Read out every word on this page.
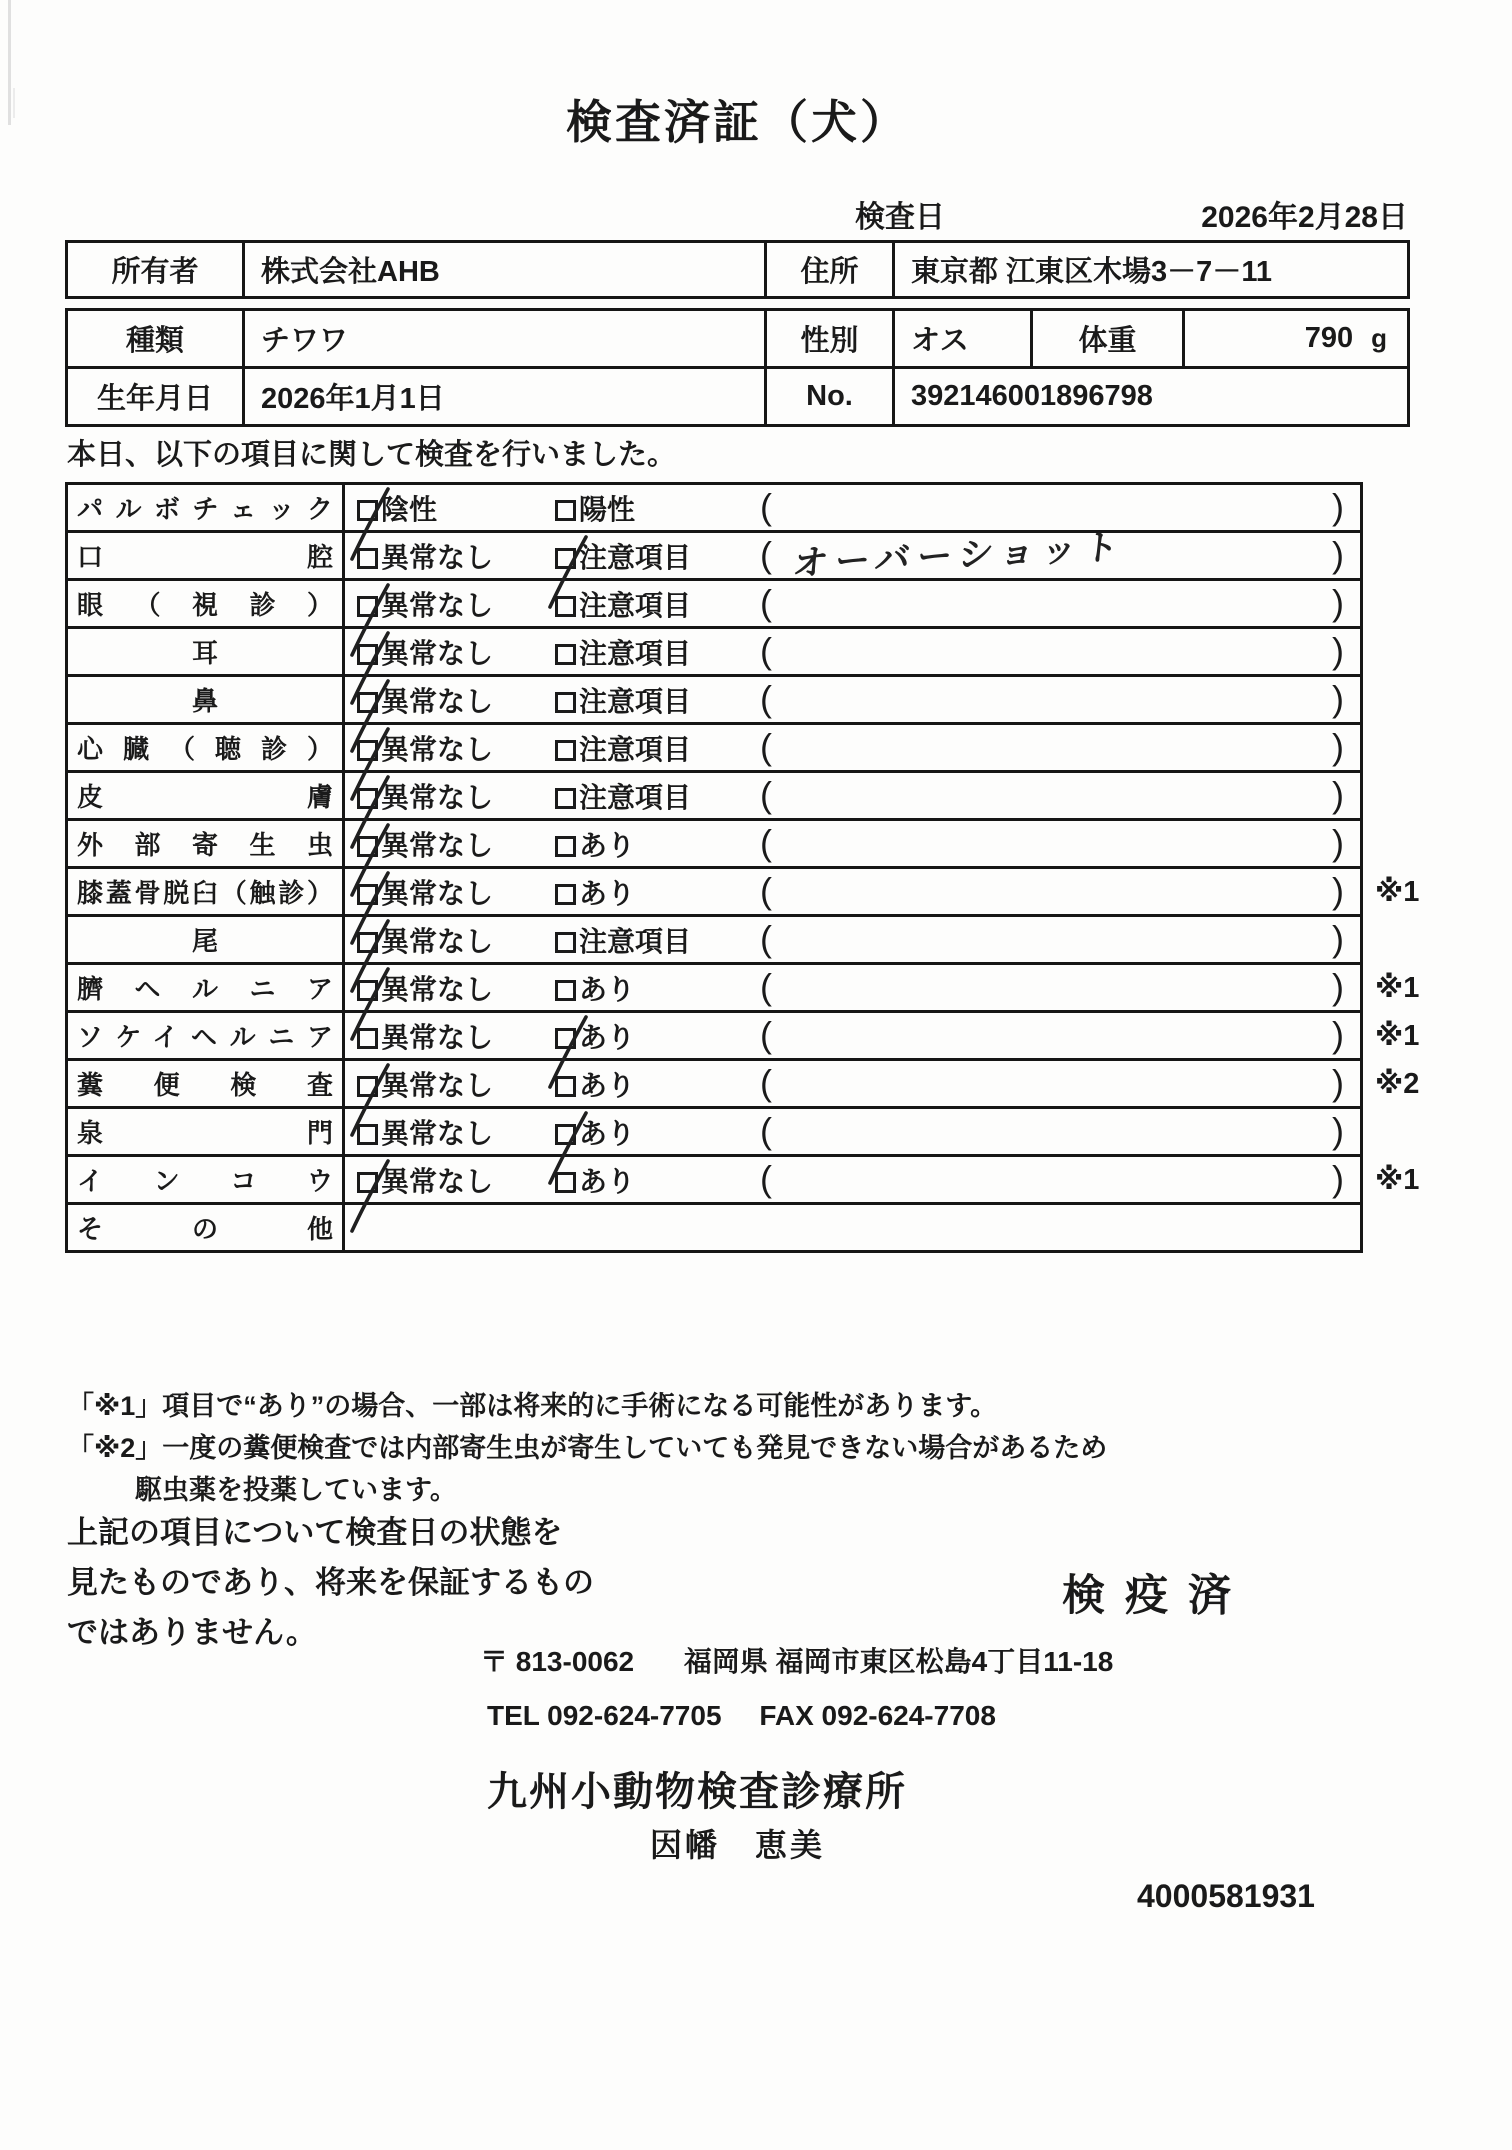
検査済証（犬）
検査日	2026年2月28日
所有者	株式会社AHB	住所	東京都 江東区木場3－7－11
種類	チワワ	性別	オス	体重	790 g

生年月日	2026年1月1日	No.	392146001896798		
本日、以下の項目に関して検査を行いました。
パルボチェック	陰性 陽性 ( )	

口腔	異常なし 注意項目 ( オーバーショット )	

眼（視診）	異常なし 注意項目 ( )	

耳	異常なし 注意項目 ( )	

鼻	異常なし 注意項目 ( )	

心臓（聴診）	異常なし 注意項目 ( )	

皮膚	異常なし 注意項目 ( )	

外部寄生虫	異常なし あり ( )	

膝蓋骨脱臼（触診）	異常なし あり ( )	※1
尾	異常なし 注意項目 ( )	

臍ヘルニア	異常なし あり ( )	※1
ソケイヘルニア	異常なし あり ( )	※1
糞便検査	異常なし あり ( )	※2
泉門	異常なし あり ( )	

インコウ	異常なし あり ( )	※1
その他		
「※1」項目で“あり”の場合、一部は将来的に手術になる可能性があります。
「※2」一度の糞便検査では内部寄生虫が寄生していても発見できない場合があるため
駆虫薬を投薬しています。
上記の項目について検査日の状態を
見たものであり、将来を保証するもの
ではありません。
検疫済
〒 813-0062 福岡県 福岡市東区松島4丁目11-18
TEL 092-624-7705 FAX 092-624-7708
九州小動物検査診療所
因幡　恵美
4000581931
